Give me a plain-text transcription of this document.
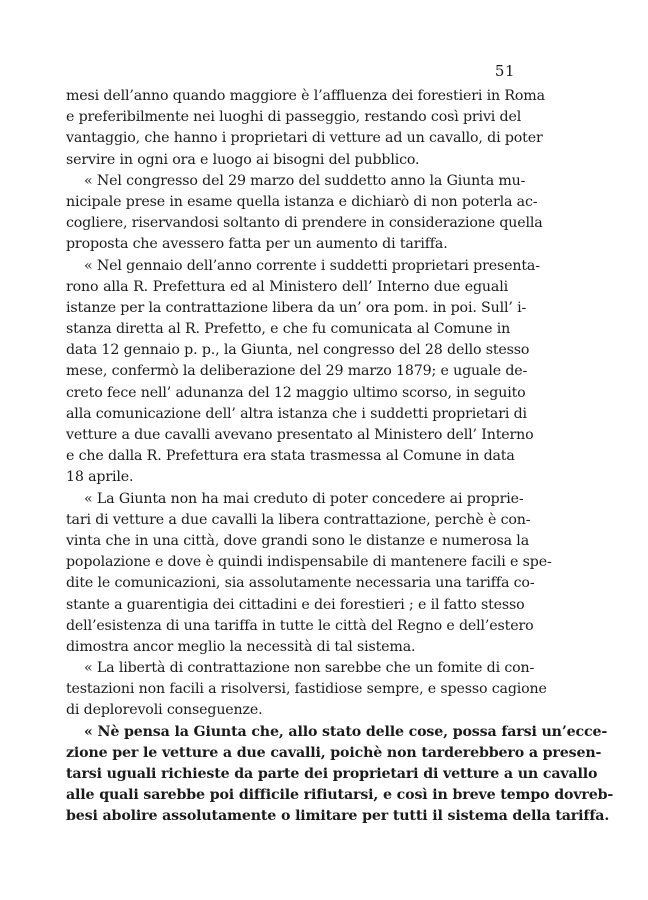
51
mesi dell’anno quando maggiore è l’affluenza dei forestieri in Roma
e preferibilmente nei luoghi di passeggio, restando così privi del
vantaggio, che hanno i proprietari di vetture ad un cavallo, di poter
servire in ogni ora e luogo ai bisogni del pubblico.
« Nel congresso del 29 marzo del suddetto anno la Giunta mu-
nicipale prese in esame quella istanza e dichiarò di non poterla ac-
cogliere, riservandosi soltanto di prendere in considerazione quella
proposta che avessero fatta per un aumento di tariffa.
« Nel gennaio dell’anno corrente i suddetti proprietari presenta-
rono alla R. Prefettura ed al Ministero dell’ Interno due eguali
istanze per la contrattazione libera da un’ ora pom. in poi. Sull’ i-
stanza diretta al R. Prefetto, e che fu comunicata al Comune in
data 12 gennaio p. p., la Giunta, nel congresso del 28 dello stesso
mese, confermò la deliberazione del 29 marzo 1879; e uguale de-
creto fece nell’ adunanza del 12 maggio ultimo scorso, in seguito
alla comunicazione dell’ altra istanza che i suddetti proprietari di
vetture a due cavalli avevano presentato al Ministero dell’ Interno
e che dalla R. Prefettura era stata trasmessa al Comune in data
18 aprile.
« La Giunta non ha mai creduto di poter concedere ai proprie-
tari di vetture a due cavalli la libera contrattazione, perchè è con-
vinta che in una città, dove grandi sono le distanze e numerosa la
popolazione e dove è quindi indispensabile di mantenere facili e spe-
dite le comunicazioni, sia assolutamente necessaria una tariffa co-
stante a guarentigia dei cittadini e dei forestieri ; e il fatto stesso
dell’esistenza di una tariffa in tutte le città del Regno e dell’estero
dimostra ancor meglio la necessità di tal sistema.
« La libertà di contrattazione non sarebbe che un fomite di con-
testazioni non facili a risolversi, fastidiose sempre, e spesso cagione
di deplorevoli conseguenze.
« Nè pensa la Giunta che, allo stato delle cose, possa farsi un’ecce-
zione per le vetture a due cavalli, poichè non tarderebbero a presen-
tarsi uguali richieste da parte dei proprietari di vetture a un cavallo
alle quali sarebbe poi difficile rifiutarsi, e così in breve tempo dovreb-
besi abolire assolutamente o limitare per tutti il sistema della tariffa.
